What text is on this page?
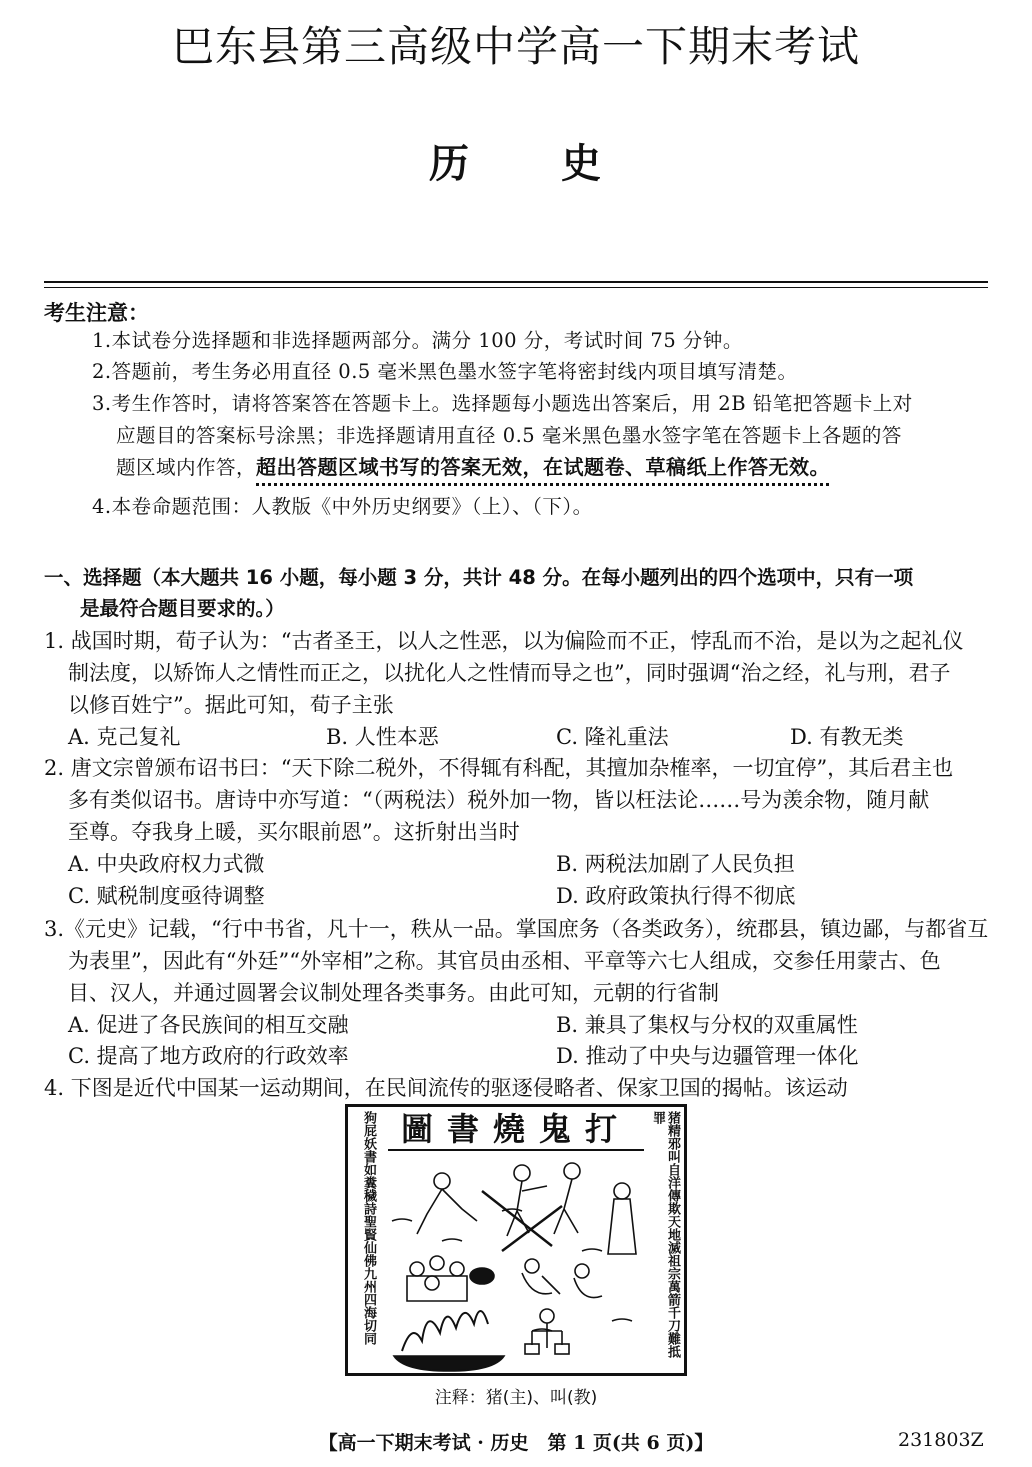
巴东县第三高级中学高一下期末考试
历 史
考生注意：
1.本试卷分选择题和非选择题两部分。满分 100 分，考试时间 75 分钟。
2.答题前，考生务必用直径 0.5 毫米黑色墨水签字笔将密封线内项目填写清楚。
3.考生作答时，请将答案答在答题卡上。选择题每小题选出答案后，用 2B 铅笔把答题卡上对
应题目的答案标号涂黑；非选择题请用直径 0.5 毫米黑色墨水签字笔在答题卡上各题的答
题区域内作答，超出答题区域书写的答案无效，在试题卷、草稿纸上作答无效。
4.本卷命题范围：人教版《中外历史纲要》（上）、（下）。
一、选择题（本大题共 16 小题，每小题 3 分，共计 48 分。在每小题列出的四个选项中，只有一项
是最符合题目要求的。）
1. 战国时期，荀子认为：“古者圣王，以人之性恶，以为偏险而不正，悖乱而不治，是以为之起礼仪
制法度，以矫饰人之情性而正之，以扰化人之性情而导之也”，同时强调“治之经，礼与刑，君子
以修百姓宁”。据此可知，荀子主张
A. 克己复礼	B. 人性本恶	C. 隆礼重法	D. 有教无类
2. 唐文宗曾颁布诏书曰：“天下除二税外，不得辄有科配，其擅加杂榷率，一切宜停”，其后君主也
多有类似诏书。唐诗中亦写道：“（两税法）税外加一物，皆以枉法论……号为羡余物，随月献
至尊。夺我身上暖，买尔眼前恩”。这折射出当时
A. 中央政府权力式微	B. 两税法加剧了人民负担
C. 赋税制度亟待调整	D. 政府政策执行得不彻底
3.《元史》记载，“行中书省，凡十一，秩从一品。掌国庶务（各类政务），统郡县，镇边鄙，与都省互
为表里”，因此有“外廷”“外宰相”之称。其官员由丞相、平章等六七人组成，交参任用蒙古、色
目、汉人，并通过圆署会议制处理各类事务。由此可知，元朝的行省制
A. 促进了各民族间的相互交融	B. 兼具了集权与分权的双重属性
C. 提高了地方政府的行政效率	D. 推动了中央与边疆管理一体化
4. 下图是近代中国某一运动期间，在民间流传的驱逐侵略者、保家卫国的揭帖。该运动
圖書燒鬼打
狗屁妖書如糞穢詩聖賢仙佛九州四海切同	猪精邪叫自洋傳欺天地滅祖宗萬箭千刀難抵罪
注释：猪(主)、叫(教)
【高一下期末考试 · 历史　第 1 页(共 6 页)】	231803Z
